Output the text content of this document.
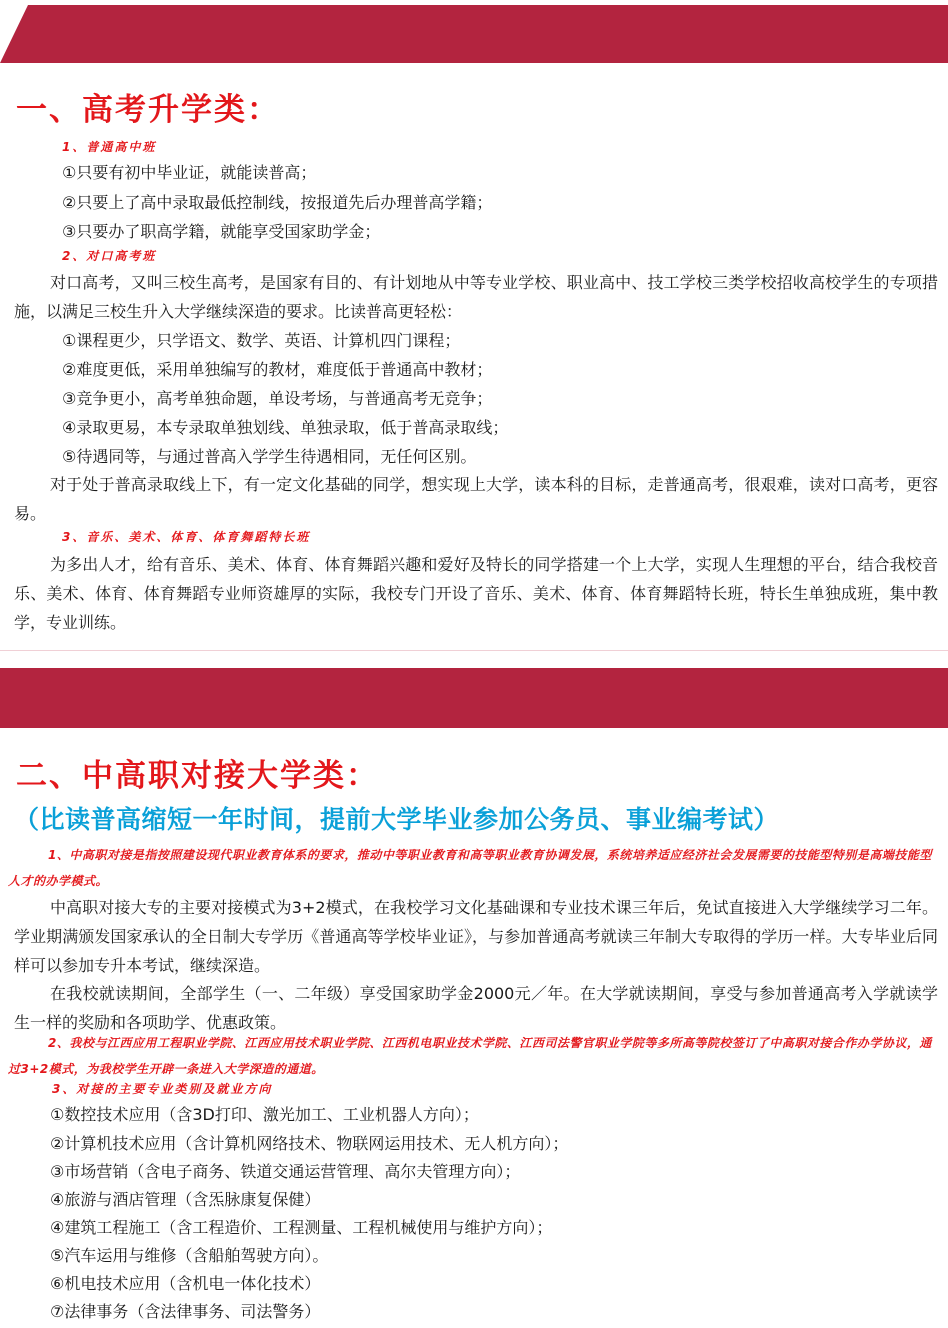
读普高免择校费  读职高享助学金

一、高考升学类：
1、普通高中班
①只要有初中毕业证，就能读普高；
②只要上了高中录取最低控制线，按报道先后办理普高学籍；
③只要办了职高学籍，就能享受国家助学金；
2、对口高考班
对口高考，又叫三校生高考，是国家有目的、有计划地从中等专业学校、职业高中、技工学校三类学校招收高校学生的专项措施，以满足三校生升入大学继续深造的要求。比读普高更轻松：
①课程更少，只学语文、数学、英语、计算机四门课程；
②难度更低，采用单独编写的教材，难度低于普通高中教材；
③竞争更小，高考单独命题，单设考场，与普通高考无竞争；
④录取更易，本专录取单独划线、单独录取，低于普高录取线；
⑤待遇同等，与通过普高入学学生待遇相同，无任何区别。
对于处于普高录取线上下，有一定文化基础的同学，想实现上大学，读本科的目标，走普通高考，很艰难，读对口高考，更容易。
3、音乐、美术、体育、体育舞蹈特长班
为多出人才，给有音乐、美术、体育、体育舞蹈兴趣和爱好及特长的同学搭建一个上大学，实现人生理想的平台，结合我校音乐、美术、体育、体育舞蹈专业师资雄厚的实际，我校专门开设了音乐、美术、体育、体育舞蹈特长班，特长生单独成班，集中教学，专业训练。

中高职对接    轻松上大学

二、中高职对接大学类：
（比读普高缩短一年时间，提前大学毕业参加公务员、事业编考试）
1、中高职对接是指按照建设现代职业教育体系的要求，推动中等职业教育和高等职业教育协调发展，系统培养适应经济社会发展需要的技能型特别是高端技能型人才的办学模式。
中高职对接大专的主要对接模式为3+2模式，在我校学习文化基础课和专业技术课三年后，免试直接进入大学继续学习二年。学业期满颁发国家承认的全日制大专学历《普通高等学校毕业证》，与参加普通高考就读三年制大专取得的学历一样。大专毕业后同样可以参加专升本考试，继续深造。
在我校就读期间，全部学生（一、二年级）享受国家助学金2000元／年。在大学就读期间，享受与参加普通高考入学就读学生一样的奖励和各项助学、优惠政策。
2、我校与江西应用工程职业学院、江西应用技术职业学院、江西机电职业技术学院、江西司法警官职业学院等多所高等院校签订了中高职对接合作办学协议，通过3+2模式，为我校学生开辟一条进入大学深造的通道。
3、对接的主要专业类别及就业方向
①数控技术应用（含3D打印、激光加工、工业机器人方向）；
②计算机技术应用（含计算机网络技术、物联网运用技术、无人机方向）；
③市场营销（含电子商务、铁道交通运营管理、高尔夫管理方向）；
④旅游与酒店管理（含炁脉康复保健）
④建筑工程施工（含工程造价、工程测量、工程机械使用与维护方向）；
⑤汽车运用与维修（含船舶驾驶方向）。
⑥机电技术应用（含机电一体化技术）
⑦法律事务（含法律事务、司法警务）
